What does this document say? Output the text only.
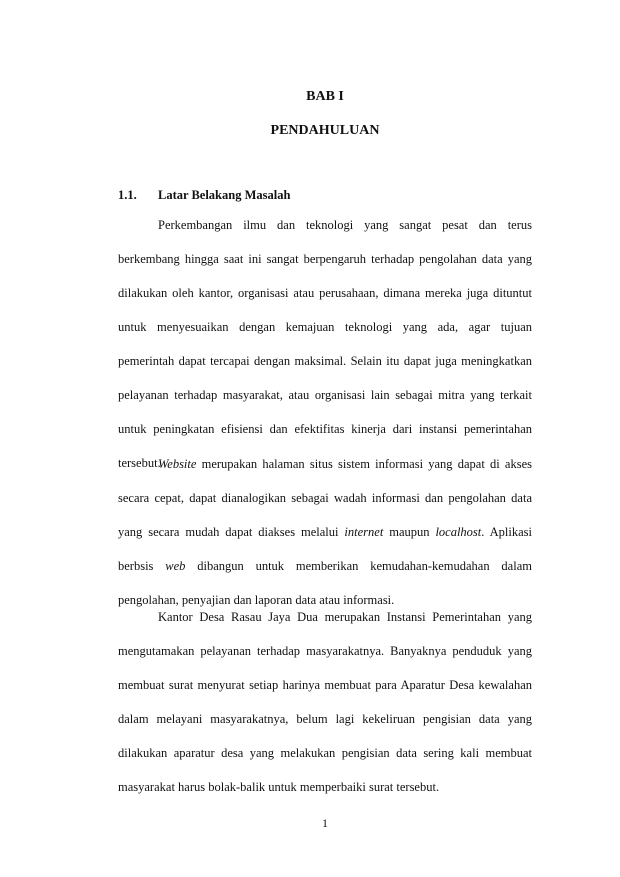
BAB I
PENDAHULUAN
1.1. Latar Belakang Masalah
Perkembangan ilmu dan teknologi yang sangat pesat dan terus
berkembang hingga saat ini sangat berpengaruh terhadap pengolahan data yang
dilakukan oleh kantor, organisasi atau perusahaan, dimana mereka juga dituntut
untuk menyesuaikan dengan kemajuan teknologi yang ada, agar tujuan
pemerintah dapat tercapai dengan maksimal. Selain itu dapat juga meningkatkan
pelayanan terhadap masyarakat, atau organisasi lain sebagai mitra yang terkait
untuk peningkatan efisiensi dan efektifitas kinerja dari instansi pemerintahan
tersebut.
Website merupakan halaman situs sistem informasi yang dapat di akses
secara cepat, dapat dianalogikan sebagai wadah informasi dan pengolahan data
yang secara mudah dapat diakses melalui internet maupun localhost. Aplikasi
berbsis web dibangun untuk memberikan kemudahan-kemudahan dalam
pengolahan, penyajian dan laporan data atau informasi.
Kantor Desa Rasau Jaya Dua merupakan Instansi Pemerintahan yang
mengutamakan pelayanan terhadap masyarakatnya. Banyaknya penduduk yang
membuat surat menyurat setiap harinya membuat para Aparatur Desa kewalahan
dalam melayani masyarakatnya, belum lagi kekeliruan pengisian data yang
dilakukan aparatur desa yang melakukan pengisian data sering kali membuat
masyarakat harus bolak-balik untuk memperbaiki surat tersebut.
1
